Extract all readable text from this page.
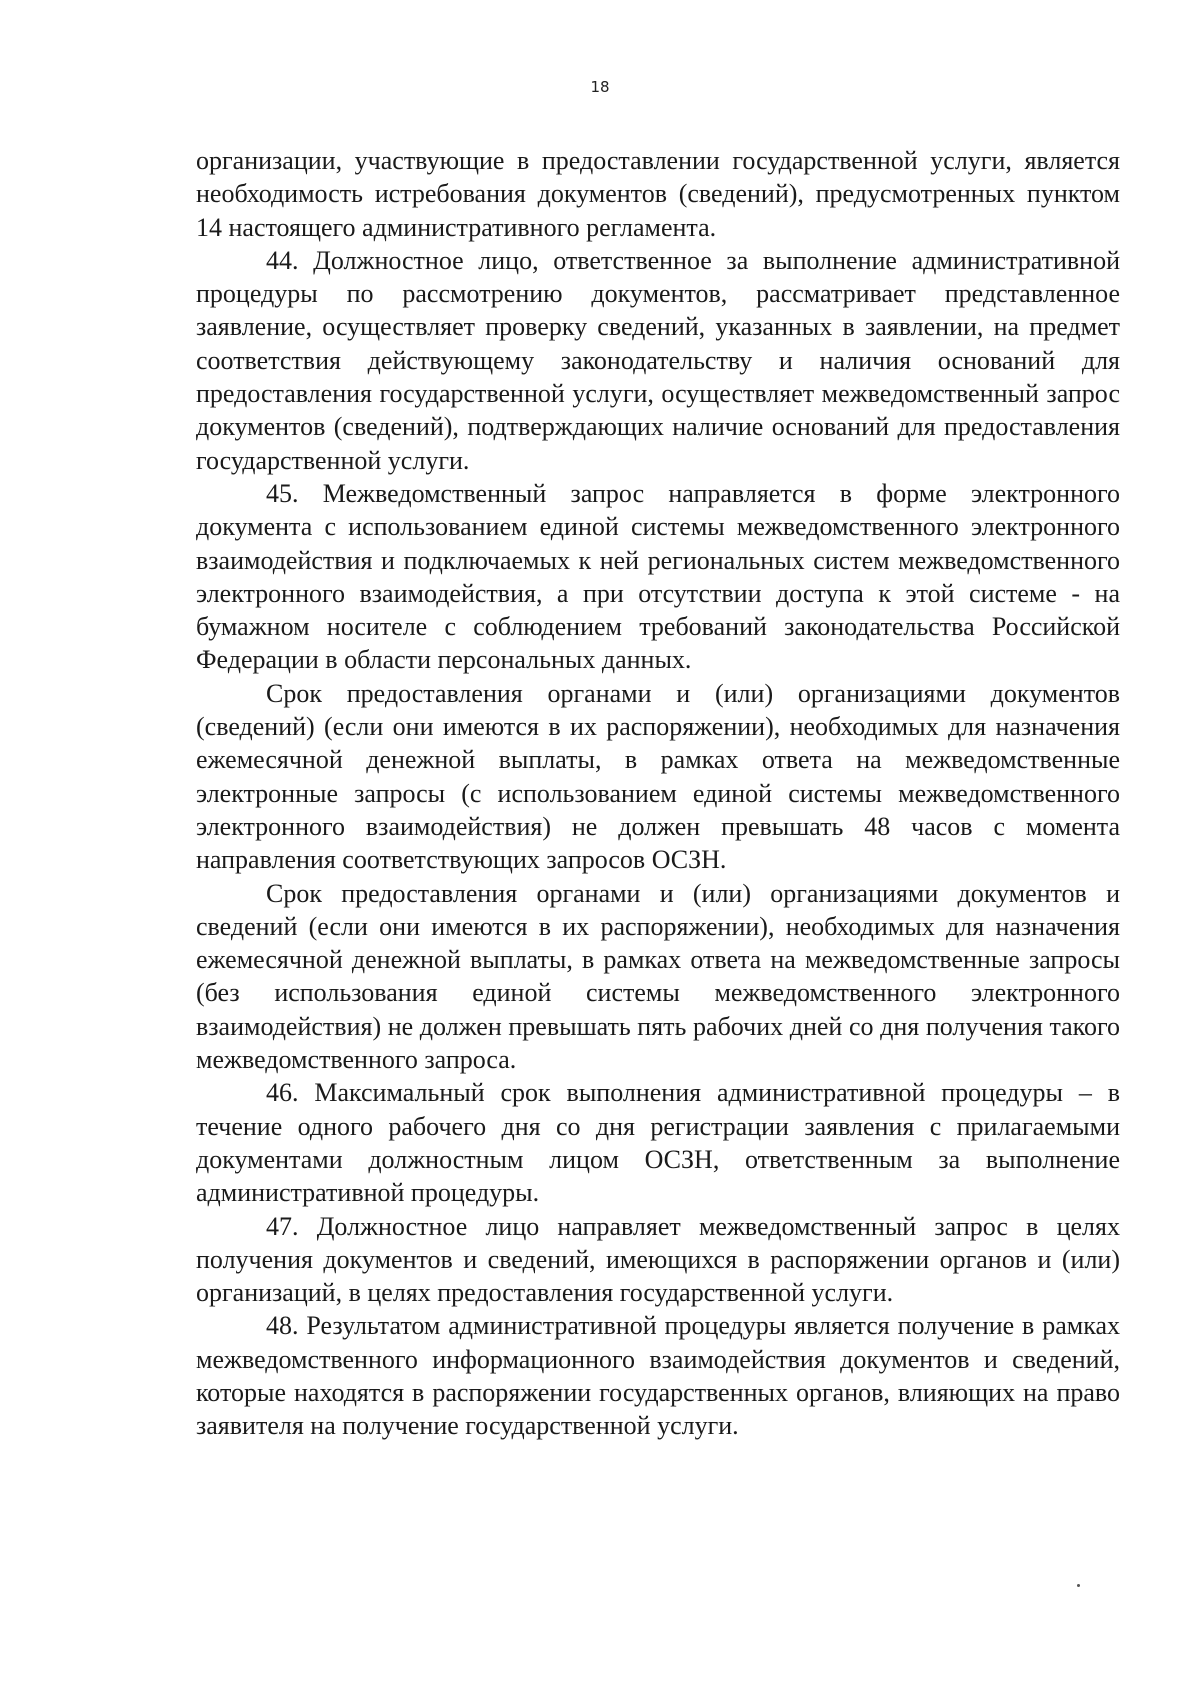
18

организации, участвующие в предоставлении государственной услуги, является необходимость истребования документов (сведений), предусмотренных пунктом 14 настоящего административного регламента.

44. Должностное лицо, ответственное за выполнение административной процедуры по рассмотрению документов, рассматривает представленное заявление, осуществляет проверку сведений, указанных в заявлении, на предмет соответствия действующему законодательству и наличия оснований для предоставления государственной услуги, осуществляет межведомственный запрос документов (сведений), подтверждающих наличие оснований для предоставления государственной услуги.

45. Межведомственный запрос направляется в форме электронного документа с использованием единой системы межведомственного электронного взаимодействия и подключаемых к ней региональных систем межведомственного электронного взаимодействия, а при отсутствии доступа к этой системе - на бумажном носителе с соблюдением требований законодательства Российской Федерации в области персональных данных.

Срок предоставления органами и (или) организациями документов (сведений) (если они имеются в их распоряжении), необходимых для назначения ежемесячной денежной выплаты, в рамках ответа на межведомственные электронные запросы (с использованием единой системы межведомственного электронного взаимодействия) не должен превышать 48 часов с момента направления соответствующих запросов ОСЗН.

Срок предоставления органами и (или) организациями документов и сведений (если они имеются в их распоряжении), необходимых для назначения ежемесячной денежной выплаты, в рамках ответа на межведомственные запросы (без использования единой системы межведомственного электронного взаимодействия) не должен превышать пять рабочих дней со дня получения такого межведомственного запроса.

46. Максимальный срок выполнения административной процедуры – в течение одного рабочего дня со дня регистрации заявления с прилагаемыми документами должностным лицом ОСЗН, ответственным за выполнение административной процедуры.

47. Должностное лицо направляет межведомственный запрос в целях получения документов и сведений, имеющихся в распоряжении органов и (или) организаций, в целях предоставления государственной услуги.

48. Результатом административной процедуры является получение в рамках межведомственного информационного взаимодействия документов и сведений, которые находятся в распоряжении государственных органов, влияющих на право заявителя на получение государственной услуги.
